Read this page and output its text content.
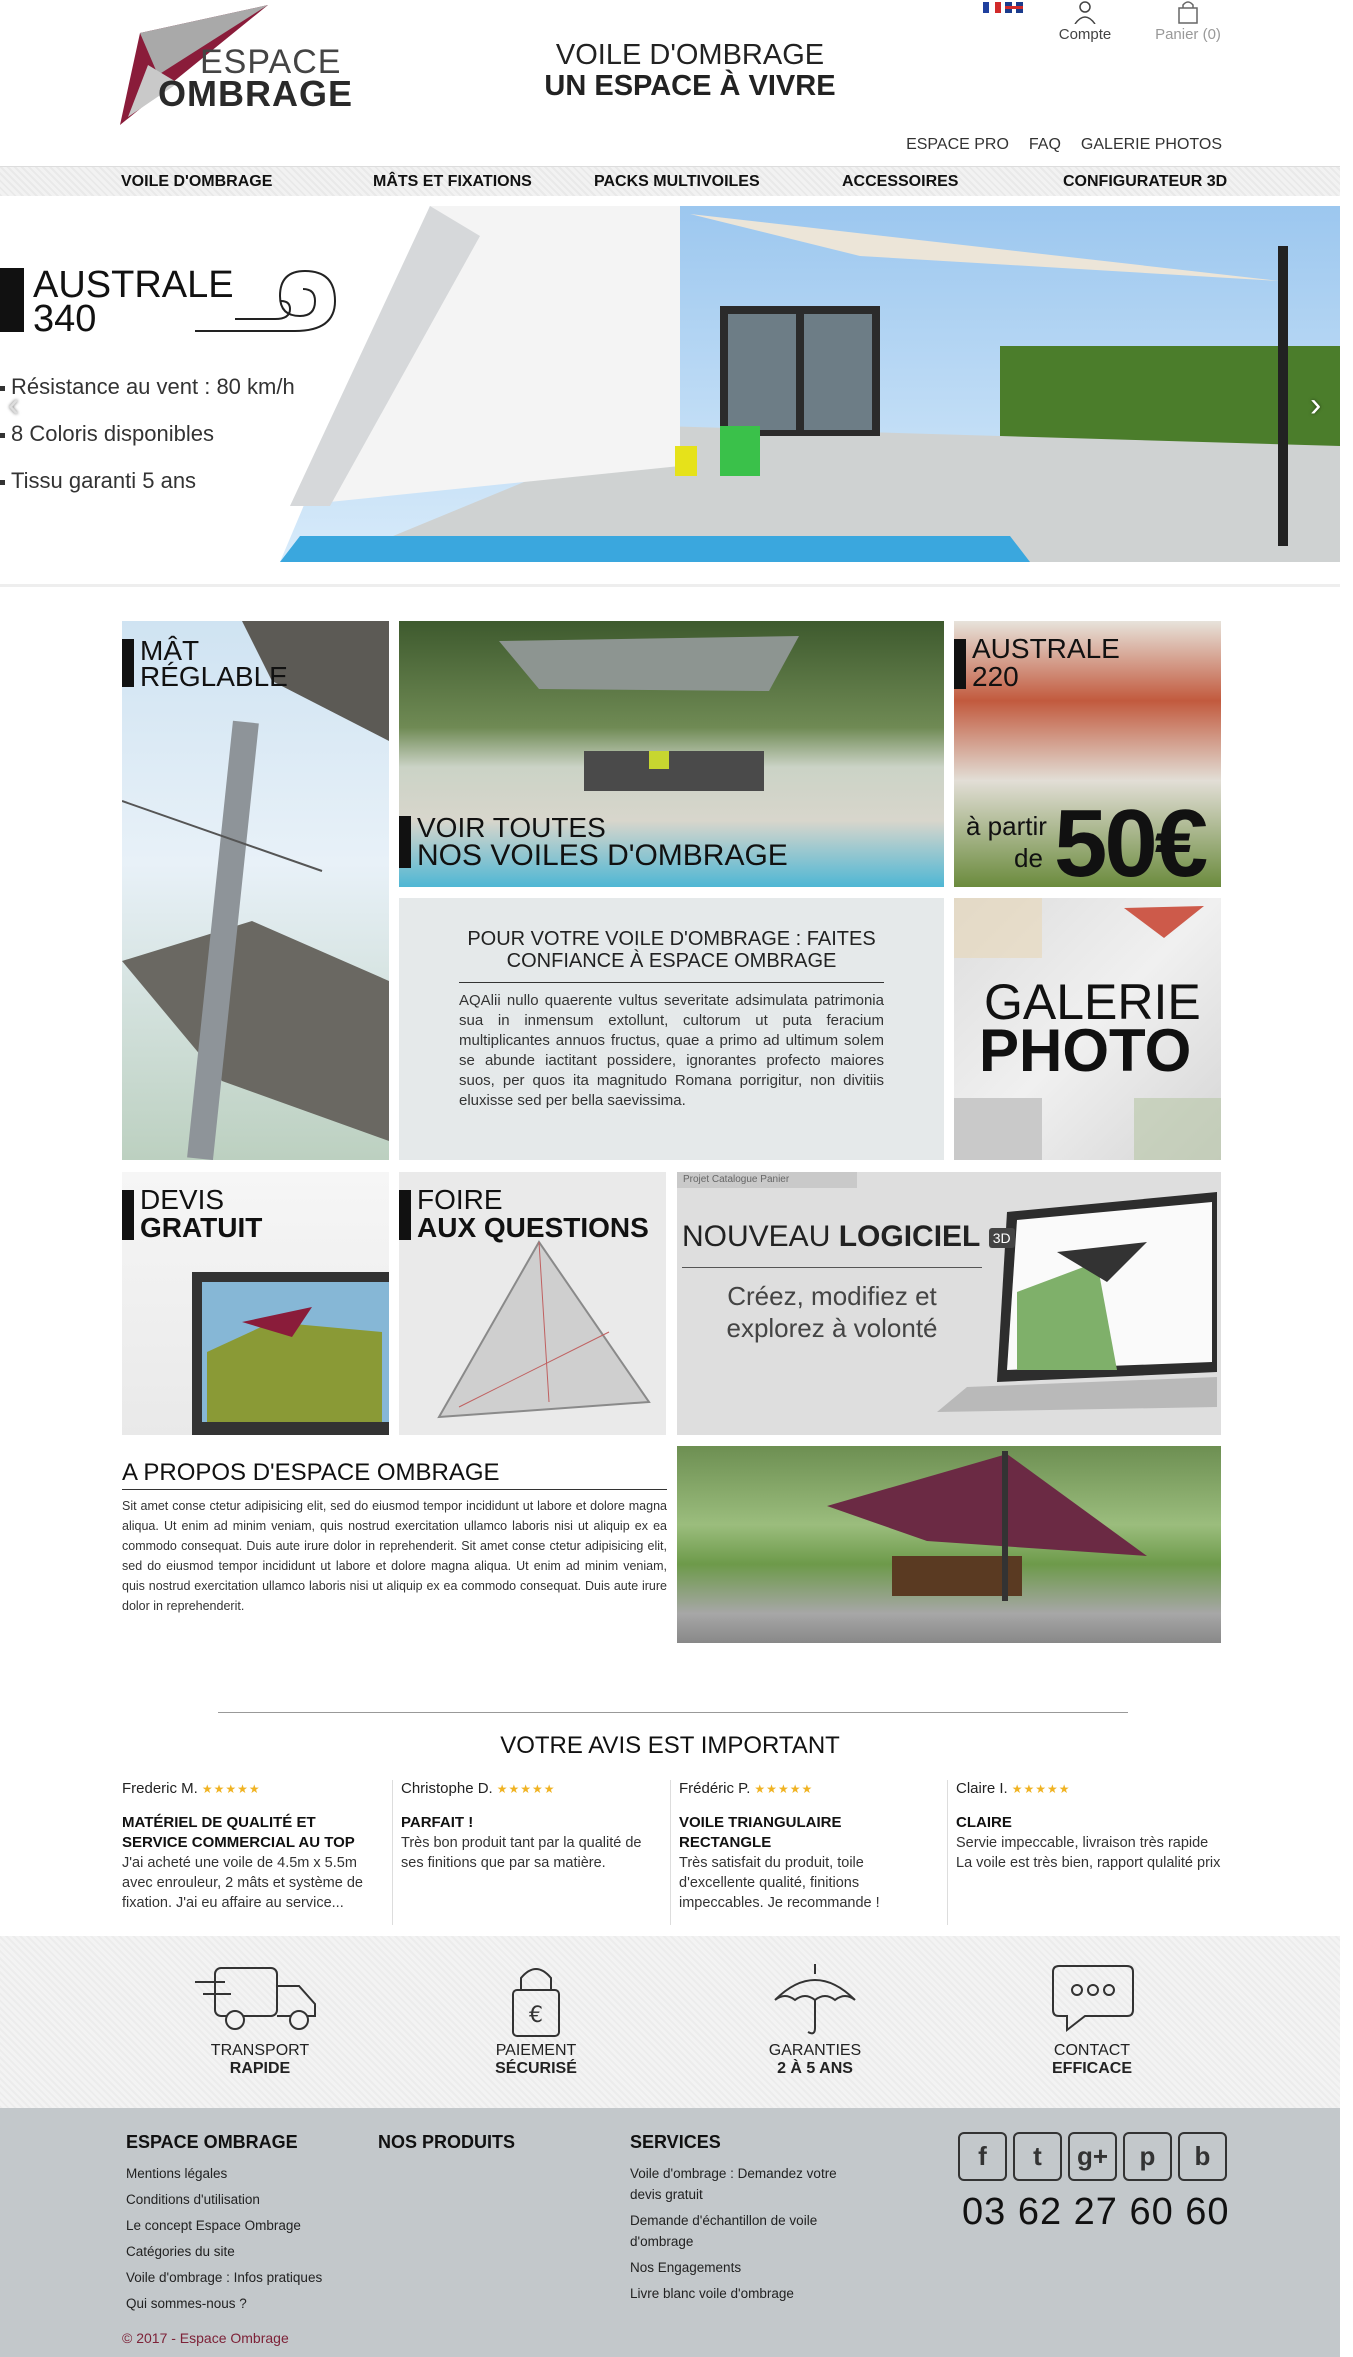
ESPACE
OMBRAGE
VOILE D'OMBRAGE
UN ESPACE À VIVRE
Compte	Panier (0)
ESPACE PRO FAQ GALERIE PHOTOS
VOILE D'OMBRAGE	MÂTS ET FIXATIONS	PACKS MULTIVOILES	ACCESSOIRES	CONFIGURATEUR 3D
AUSTRALE
340
Résistance au vent : 80 km/h
8 Coloris disponibles
Tissu garanti 5 ans
‹	›
MÂT
RÉGLABLE
VOIR TOUTES
NOS VOILES D'OMBRAGE
AUSTRALE
220
à partir
de 50€
POUR VOTRE VOILE D'OMBRAGE : FAITES CONFIANCE À ESPACE OMBRAGE
AQAlii nullo quaerente vultus severitate adsimulata patrimonia sua in inmensum extollunt, cultorum ut puta feracium multiplicantes annuos fructus, quae a primo ad ultimum solem se abunde iactitant possidere, ignorantes profecto maiores suos, per quos ita magnitudo Romana porrigitur, non divitiis eluxisse sed per bella saevissima.
GALERIE
PHOTO
DEVIS
GRATUIT
FOIRE
AUX QUESTIONS
Projet Catalogue Panier
NOUVEAU LOGICIEL 3D
Créez, modifiez et explorez à volonté
A PROPOS D'ESPACE OMBRAGE
Sit amet conse ctetur adipisicing elit, sed do eiusmod tempor incididunt ut labore et dolore magna aliqua. Ut enim ad minim veniam, quis nostrud exercitation ullamco laboris nisi ut aliquip ex ea commodo consequat. Duis aute irure dolor in reprehenderit. Sit amet conse ctetur adipisicing elit, sed do eiusmod tempor incididunt ut labore et dolore magna aliqua. Ut enim ad minim veniam, quis nostrud exercitation ullamco laboris nisi ut aliquip ex ea commodo consequat. Duis aute irure dolor in reprehenderit.
VOTRE AVIS EST IMPORTANT
Frederic M. ★★★★★
MATÉRIEL DE QUALITÉ ET SERVICE COMMERCIAL AU TOP
J'ai acheté une voile de 4.5m x 5.5m avec enrouleur, 2 mâts et système de fixation. J'ai eu affaire au service...
Christophe D. ★★★★★
PARFAIT !
Très bon produit tant par la qualité de ses finitions que par sa matière.
Frédéric P. ★★★★★
VOILE TRIANGULAIRE RECTANGLE
Très satisfait du produit, toile d'excellente qualité, finitions impeccables. Je recommande !
Claire I. ★★★★★
CLAIRE
Servie impeccable, livraison très rapide La voile est très bien, rapport qulalité prix
TRANSPORT
RAPIDE
€
PAIEMENT
SÉCURISÉ
GARANTIES
2 À 5 ANS
CONTACT
EFFICACE
ESPACE OMBRAGE
Mentions légales
Conditions d'utilisation
Le concept Espace Ombrage
Catégories du site
Voile d'ombrage : Infos pratiques
Qui sommes-nous ?
NOS PRODUITS	SERVICES
Voile d'ombrage : Demandez votre devis gratuit
Demande d'échantillon de voile d'ombrage
Nos Engagements
Livre blanc voile d'ombrage
f	t	g+	p	b
03 62 27 60 60
© 2017 - Espace Ombrage
